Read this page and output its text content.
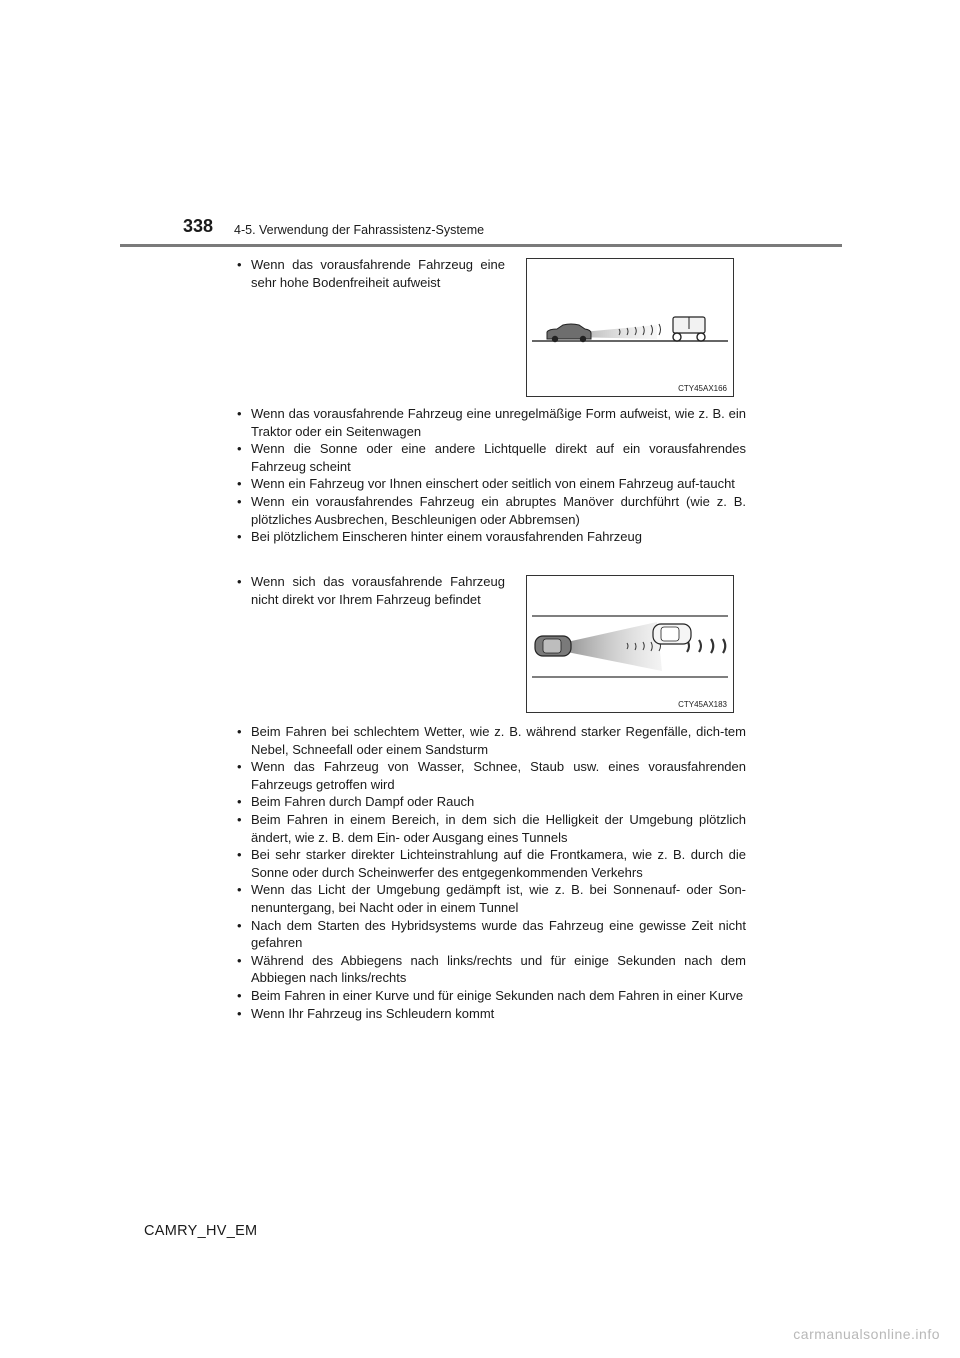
338 4-5. Verwendung der Fahrassistenz-Systeme
• Wenn das vorausfahrende Fahrzeug eine sehr hohe Bodenfreiheit aufweist
CTY45AX166
• Wenn das vorausfahrende Fahrzeug eine unregelmäßige Form aufweist, wie z. B. ein Traktor oder ein Seitenwagen
• Wenn die Sonne oder eine andere Lichtquelle direkt auf ein vorausfahrendes Fahrzeug scheint
• Wenn ein Fahrzeug vor Ihnen einschert oder seitlich von einem Fahrzeug auf-taucht
• Wenn ein vorausfahrendes Fahrzeug ein abruptes Manöver durchführt (wie z. B. plötzliches Ausbrechen, Beschleunigen oder Abbremsen)
• Bei plötzlichem Einscheren hinter einem vorausfahrenden Fahrzeug
• Wenn sich das vorausfahrende Fahrzeug nicht direkt vor Ihrem Fahrzeug befindet
CTY45AX183
• Beim Fahren bei schlechtem Wetter, wie z. B. während starker Regenfälle, dich-tem Nebel, Schneefall oder einem Sandsturm
• Wenn das Fahrzeug von Wasser, Schnee, Staub usw. eines vorausfahrenden Fahrzeugs getroffen wird
• Beim Fahren durch Dampf oder Rauch
• Beim Fahren in einem Bereich, in dem sich die Helligkeit der Umgebung plötzlich ändert, wie z. B. dem Ein- oder Ausgang eines Tunnels
• Bei sehr starker direkter Lichteinstrahlung auf die Frontkamera, wie z. B. durch die Sonne oder durch Scheinwerfer des entgegenkommenden Verkehrs
• Wenn das Licht der Umgebung gedämpft ist, wie z. B. bei Sonnenauf- oder Son-nenuntergang, bei Nacht oder in einem Tunnel
• Nach dem Starten des Hybridsystems wurde das Fahrzeug eine gewisse Zeit nicht gefahren
• Während des Abbiegens nach links/rechts und für einige Sekunden nach dem Abbiegen nach links/rechts
• Beim Fahren in einer Kurve und für einige Sekunden nach dem Fahren in einer Kurve
• Wenn Ihr Fahrzeug ins Schleudern kommt
CAMRY_HV_EM
carmanualsonline.info
